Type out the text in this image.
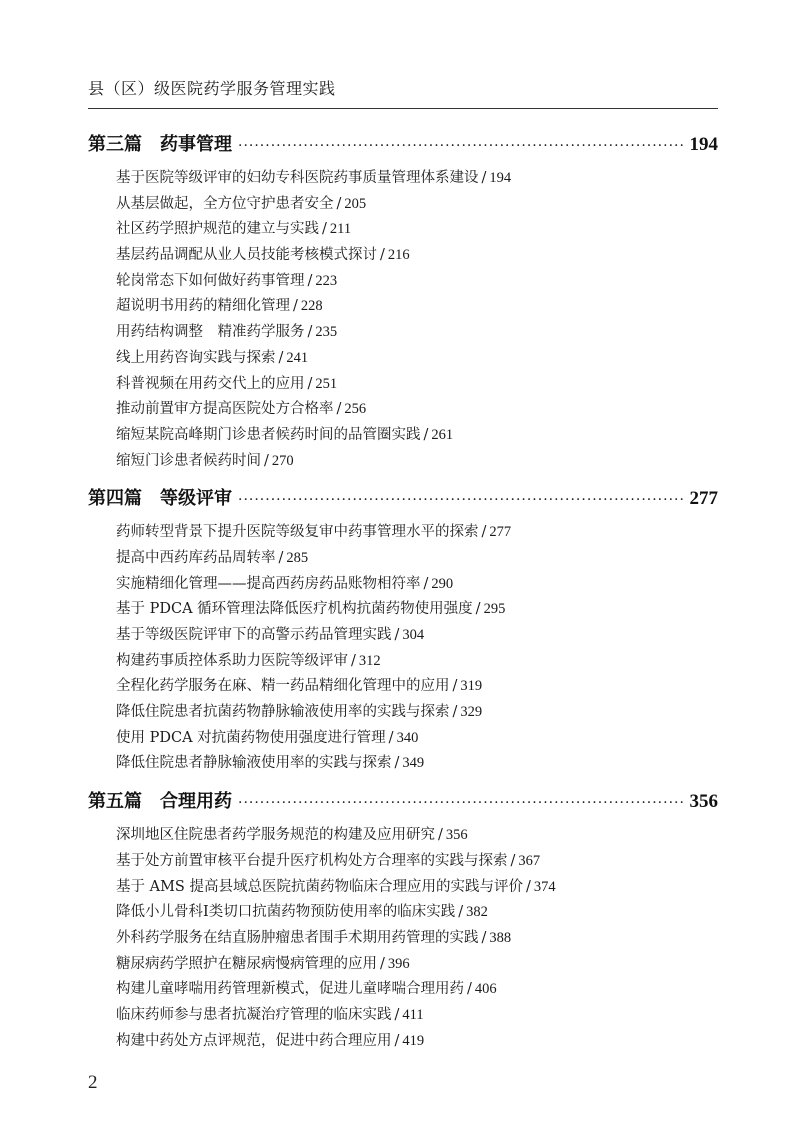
县（区）级医院药学服务管理实践
第三篇 药事管理 ·····	194
基于医院等级评审的妇幼专科医院药事质量管理体系建设 / 194
从基层做起，全方位守护患者安全 / 205
社区药学照护规范的建立与实践 / 211
基层药品调配从业人员技能考核模式探讨 / 216
轮岗常态下如何做好药事管理 / 223
超说明书用药的精细化管理 / 228
用药结构调整　精准药学服务 / 235
线上用药咨询实践与探索 / 241
科普视频在用药交代上的应用 / 251
推动前置审方提高医院处方合格率 / 256
缩短某院高峰期门诊患者候药时间的品管圈实践 / 261
缩短门诊患者候药时间 / 270
第四篇 等级评审 ·····	277
药师转型背景下提升医院等级复审中药事管理水平的探索 / 277
提高中西药库药品周转率 / 285
实施精细化管理——提高西药房药品账物相符率 / 290
基于 PDCA 循环管理法降低医疗机构抗菌药物使用强度 / 295
基于等级医院评审下的高警示药品管理实践 / 304
构建药事质控体系助力医院等级评审 / 312
全程化药学服务在麻、精一药品精细化管理中的应用 / 319
降低住院患者抗菌药物静脉输液使用率的实践与探索 / 329
使用 PDCA 对抗菌药物使用强度进行管理 / 340
降低住院患者静脉输液使用率的实践与探索 / 349
第五篇 合理用药 ·····	356
深圳地区住院患者药学服务规范的构建及应用研究 / 356
基于处方前置审核平台提升医疗机构处方合理率的实践与探索 / 367
基于 AMS 提高县域总医院抗菌药物临床合理应用的实践与评价 / 374
降低小儿骨科Ⅰ类切口抗菌药物预防使用率的临床实践 / 382
外科药学服务在结直肠肿瘤患者围手术期用药管理的实践 / 388
糖尿病药学照护在糖尿病慢病管理的应用 / 396
构建儿童哮喘用药管理新模式，促进儿童哮喘合理用药 / 406
临床药师参与患者抗凝治疗管理的临床实践 / 411
构建中药处方点评规范，促进中药合理应用 / 419
2
